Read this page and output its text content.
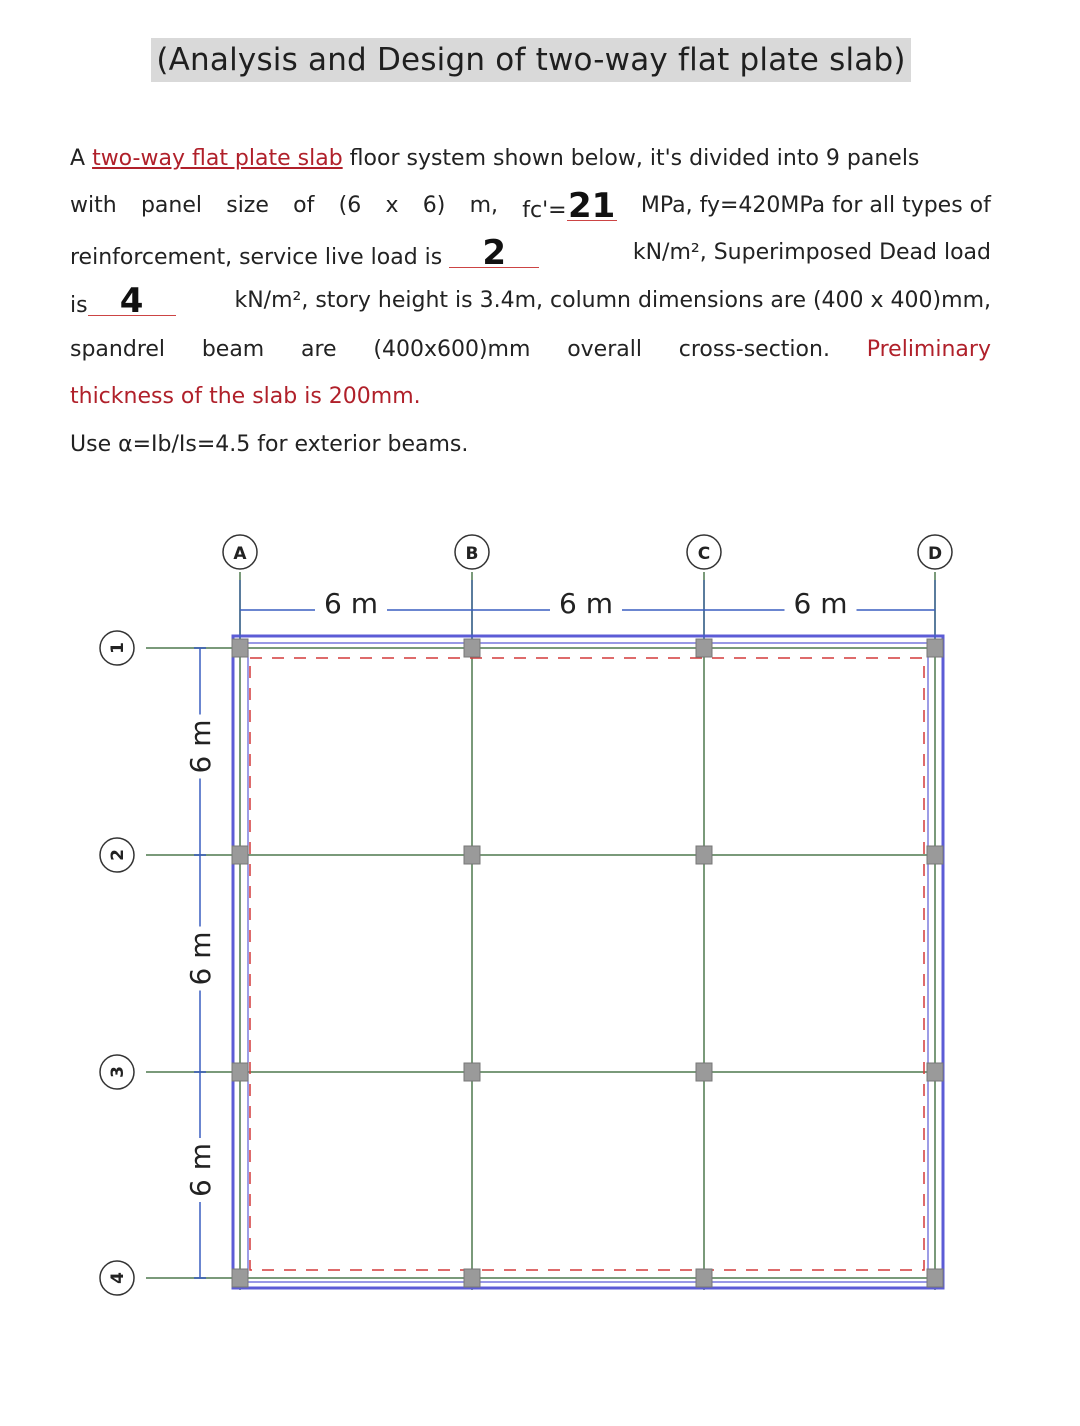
(Analysis and Design of two-way flat plate slab)
A two-way flat plate slab floor system shown below, it's divided into 9 panels
with panel size of (6 x 6) m, fc'=21 MPa, fy=420MPa for all types of
reinforcement, service live load is 2	kN/m², Superimposed Dead load
is 4	kN/m², story height is 3.4m, column dimensions are (400 x 400)mm,
spandrel beam are (400x600)mm overall cross-section. Preliminary
thickness of the slab is 200mm.
Use α=Ib/Is=4.5 for exterior beams.
A	B	C	D
1
2
3
4
6 m	6 m	6 m
6 m
6 m
6 m
